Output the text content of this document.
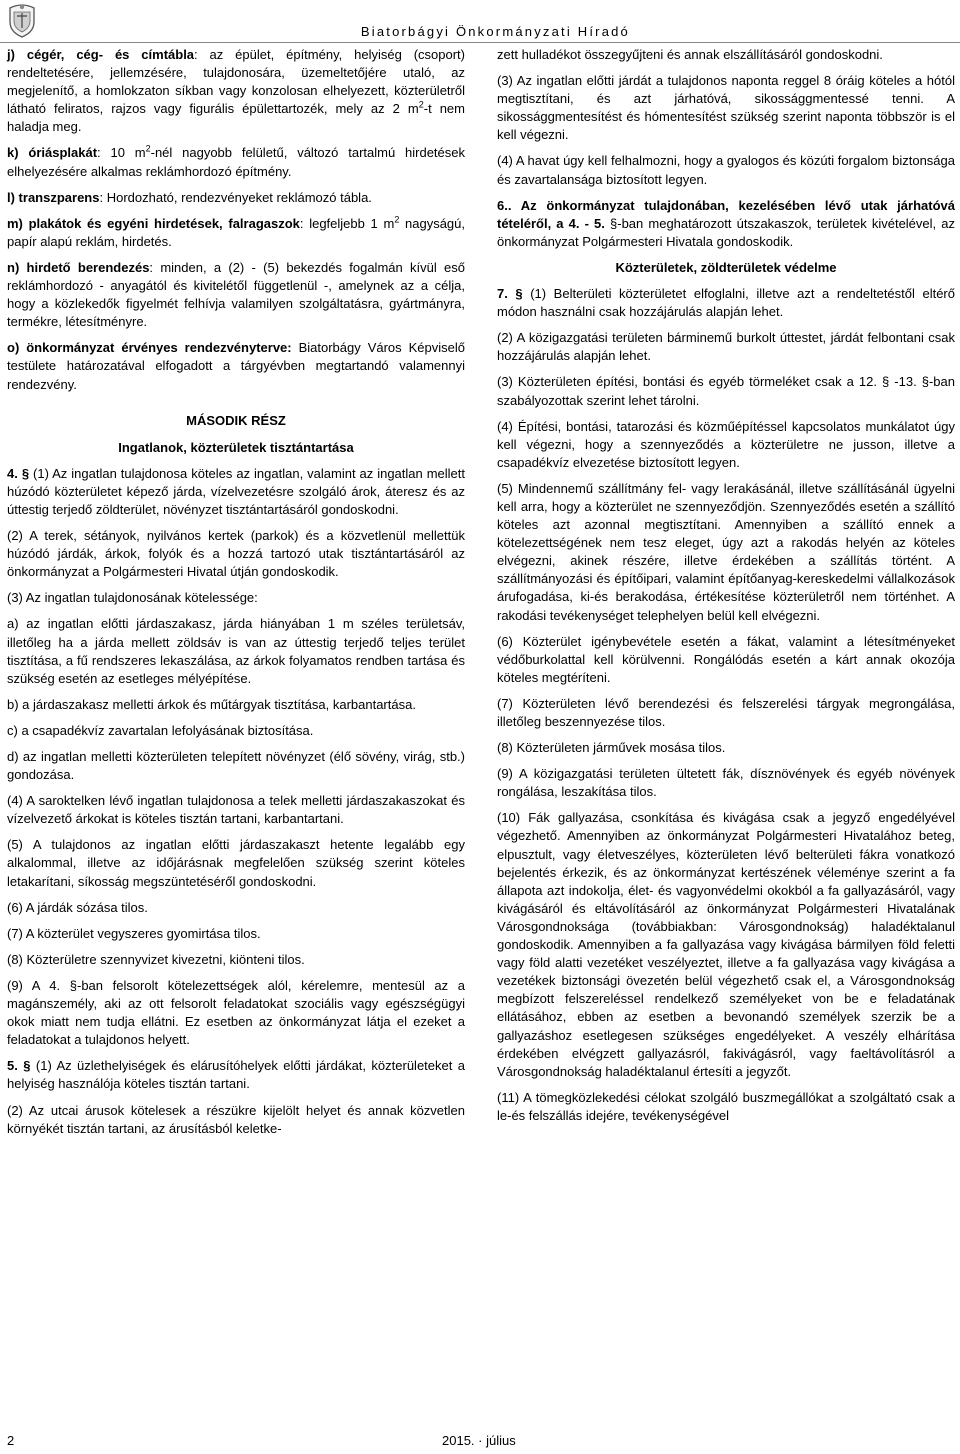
Biatorbágyi Önkormányzati Híradó

j) cégér, cég- és címtábla: az épület, építmény, helyiség (csoport) rendeltetésére, jellemzésére, tulajdonosára, üzemeltetőjére utaló, az megjelenítő, a homlokzaton síkban vagy konzolosan elhelyezett, közterületről látható feliratos, rajzos vagy figurális épülettartozék, mely az 2 $m^2-t$ nem haladja meg.

k) óriásplakát: 10 $m^2$-nél nagyobb felületű, változó tartalmú hirdetések elhelyezésére alkalmas reklámhordozó építmény.

l) transzparens: Hordozható, rendezvényeket reklámozó tábla.

m) plakátok és egyéni hirdetések, falragaszok: legfeljebb 1 $m^2$ nagyságú, papír alapú reklám, hirdetés.

n) hirdető berendezés: minden, a (2) - (5) bekezdés fogalmán kívül eső reklámhordozó - anyagától és kivitelétől függetlenül -, amelynek az a célja, hogy a közlekedők figyelmét felhívja valamilyen szolgáltatásra, gyártmányra, termékre, létesítményre.

o) önkormányzat érvényes rendezvényterve: Biatorbágy Város Képviselő testülete határozatával elfogadott a tárgyévben megtartandó valamennyi rendezvény.

MÁSODIK RÉSZ
Ingatlanok, közterületek tisztántartása

4. § (1) Az ingatlan tulajdonosa köteles az ingatlan, valamint az ingatlan mellett húzódó közterületet képező járda, vízelvezetésre szolgáló árok, áteresz és az úttestig terjedő zöldterület, növényzet tisztántartásáról gondoskodni.

(2) A terek, sétányok, nyilvános kertek (parkok) és a közvetlenül mellettük húzódó járdák, árkok, folyók és a hozzá tartozó utak tisztántartásáról az önkormányzat a Polgármesteri Hivatal útján gondoskodik.

(3) Az ingatlan tulajdonosának kötelessége:

a) az ingatlan előtti járdaszakasz, járda hiányában 1 m széles területsáv, illetőleg ha a járda mellett zöldsáv is van az úttestig terjedő teljes terület tisztítása, a fű rendszeres lekaszálása, az árkok folyamatos rendben tartása és szükség esetén az esetleges mélyépítése.

b) a járdaszakasz melletti árkok és műtárgyak tisztítása, karbantartása.

c) a csapadékvíz zavartalan lefolyásának biztosítása.

d) az ingatlan melletti közterületen telepített növényzet (élő sövény, virág, stb.) gondozása.

(4) A saroktelken lévő ingatlan tulajdonosa a telek melletti járdaszakaszokat és vízelvezető árkokat is köteles tisztán tartani, karbantartani.

(5) A tulajdonos az ingatlan előtti járdaszakaszt hetente legalább egy alkalommal, illetve az időjárásnak megfelelően szükség szerint köteles letakarítani, síkosság megszüntetéséről gondoskodni.

(6) A járdák sózása tilos.

(7) A közterület vegyszeres gyomirtása tilos.

(8) Közterületre szennyvizet kivezetni, kiönteni tilos.

(9) A 4. §-ban felsorolt kötelezettségek alól, kérelemre, mentesül az a magánszemély, aki az ott felsorolt feladatokat szociális vagy egészségügyi okok miatt nem tudja ellátni. Ez esetben az önkormányzat látja el ezeket a feladatokat a tulajdonos helyett.

5. § (1) Az üzlethelyiségek és elárusítóhelyek előtti járdákat, közterületeket a helyiség használója köteles tisztán tartani.

(2) Az utcai árusok kötelesek a részükre kijelölt helyet és annak közvetlen környékét tisztán tartani, az árusításból keletke-

zett hulladékot összegyűjteni és annak elszállításáról gondoskodni.

(3) Az ingatlan előtti járdát a tulajdonos naponta reggel 8 óráig köteles a hótól megtisztítani, és azt járhatóvá, sikossággmentessé tenni. A sikossággmentesítést és hómentesítést szükség szerint naponta többször is el kell végezni.

(4) A havat úgy kell felhalmozni, hogy a gyalogos és közúti forgalom biztonsága és zavartalansága biztosított legyen.

6.. Az önkormányzat tulajdonában, kezelésében lévő utak járhatóvá tételéről, a 4. - 5. §-ban meghatározott útszakaszok, területek kivételével, az önkormányzat Polgármesteri Hivatala gondoskodik.

Közterületek, zöldterületek védelme

7. § (1) Belterületi közterületet elfoglalni, illetve azt a rendeltetéstől eltérő módon használni csak hozzájárulás alapján lehet.

(2) A közigazgatási területen bárminemű burkolt úttestet, járdát felbontani csak hozzájárulás alapján lehet.

(3) Közterületen építési, bontási és egyéb törmeléket csak a 12. § -13. §-ban szabályozottak szerint lehet tárolni.

(4) Építési, bontási, tatarozási és közműépítéssel kapcsolatos munkálatot úgy kell végezni, hogy a szennyeződés a közterületre ne jusson, illetve a csapadékvíz elvezetése biztosított legyen.

(5) Mindennemű szállítmány fel- vagy lerakásánál, illetve szállításánál ügyelni kell arra, hogy a közterület ne szennyeződjön. Szennyeződés esetén a szállító köteles azt azonnal megtisztítani. Amennyiben a szállító ennek a kötelezettségének nem tesz eleget, úgy azt a rakodás helyén az köteles elvégezni, akinek részére, illetve érdekében a szállítás történt. A szállítmányozási és építőipari, valamint építőanyag-kereskedelmi vállalkozások árufogadása, ki-és berakodása, értékesítése közterületről nem történhet. A rakodási tevékenységet telephelyen belül kell elvégezni.

(6) Közterület igénybevétele esetén a fákat, valamint a létesítményeket védőburkolattal kell körülvenni. Rongálódás esetén a kárt annak okozója köteles megtéríteni.

(7) Közterületen lévő berendezési és felszerelési tárgyak megrongálása, illetőleg beszennyezése tilos.

(8) Közterületen járművek mosása tilos.

(9) A közigazgatási területen ültetett fák, dísznövények és egyéb növények rongálása, leszakítása tilos.

(10) Fák gallyazása, csonkítása és kivágása csak a jegyző engedélyével végezhető. Amennyiben az önkormányzat Polgármesteri Hivatalához beteg, elpusztult, vagy életveszélyes, közterületen lévő belterületi fákra vonatkozó bejelentés érkezik, és az önkormányzat kertészének véleménye szerint a fa állapota azt indokolja, élet- és vagyonvédelmi okokból a fa gallyazásáról, vagy kivágásáról és eltávolításáról az önkormányzat Polgármesteri Hivatalának Városgondnoksága (továbbiakban: Városgondnokság) haladéktalanul gondoskodik. Amennyiben a fa gallyazása vagy kivágása bármilyen föld feletti vagy föld alatti vezetéket veszélyeztet, illetve a fa gallyazása vagy kivágása a vezetékek biztonsági övezetén belül végezhető csak el, a Városgondnokság megbízott felszereléssel rendelkező személyeket von be e feladatának ellátásához, ebben az esetben a bevonandó személyek szerzik be a gallyazáshoz esetlegesen szükséges engedélyeket. A veszély elhárítása érdekében elvégzett gallyazásról, fakivágásról, vagy faeltávolításról a Városgondnokság haladéktalanul értesíti a jegyzőt.

(11) A tömegközlekedési célokat szolgáló buszmegállókat a szolgáltató csak a le-és felszállás idejére, tevékenységével

2	2015. · július
